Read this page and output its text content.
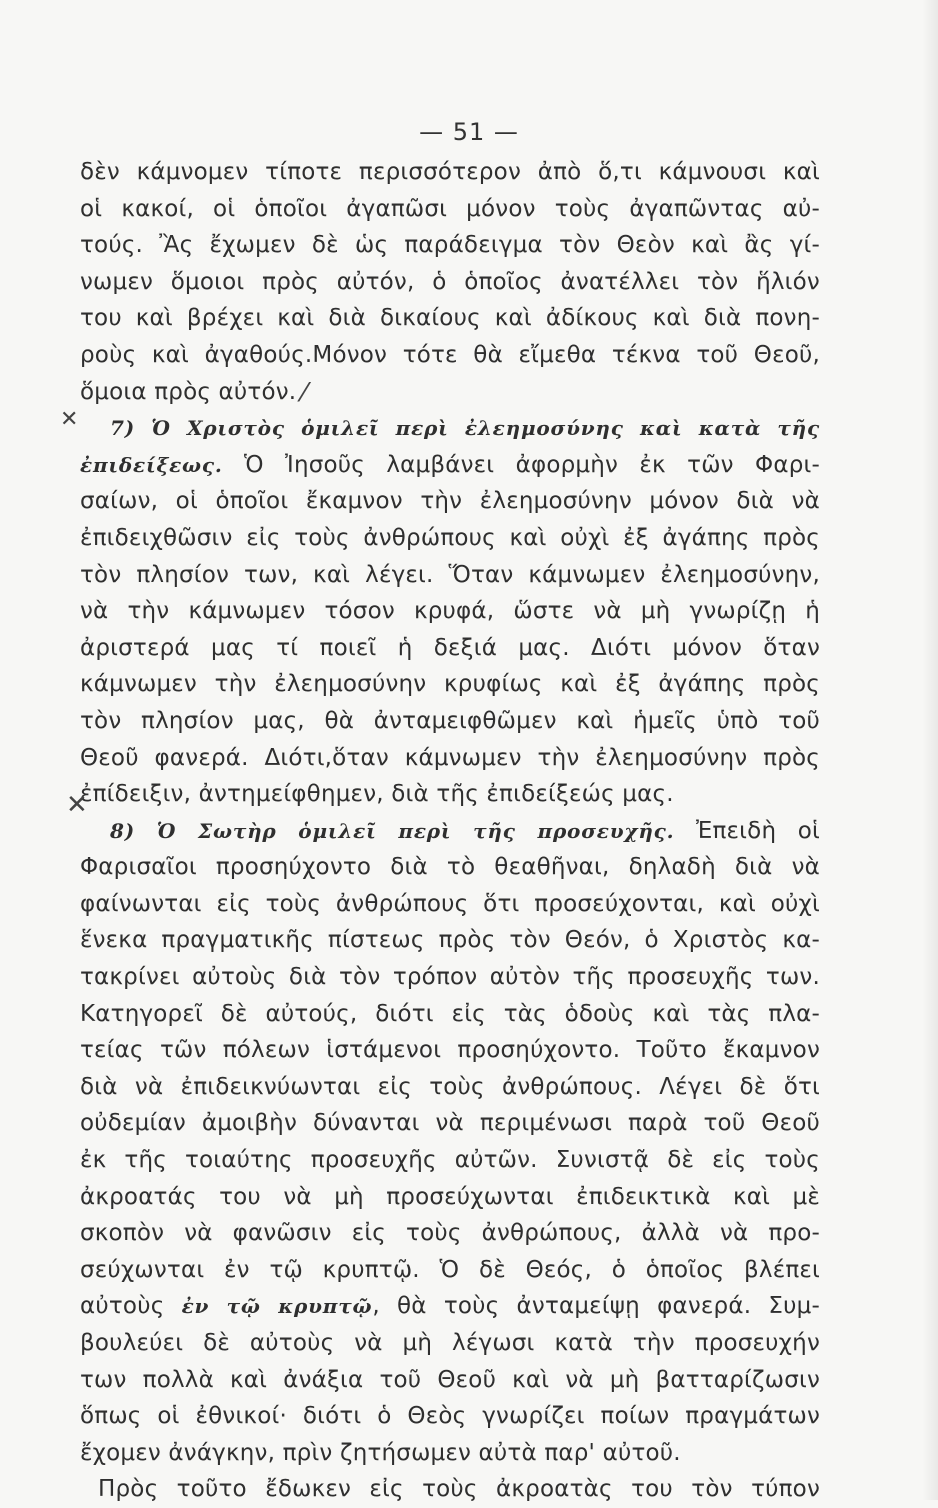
— 51 —
δὲν κάμνομεν τίποτε περισσότερον ἀπὸ ὅ,τι κάμνουσι καὶ
οἱ κακοί, οἱ ὁποῖοι ἀγαπῶσι μόνον τοὺς ἀγαπῶντας αὐ-
τούς. Ἂς ἔχωμεν δὲ ὡς παράδειγμα τὸν Θεὸν καὶ ἂς γί-
νωμεν ὅμοιοι πρὸς αὐτόν, ὁ ὁποῖος ἀνατέλλει τὸν ἥλιόν
του καὶ βρέχει καὶ διὰ δικαίους καὶ ἀδίκους καὶ διὰ πονη-
ροὺς καὶ ἀγαθούς.Μόνον τότε θὰ εἴμεθα τέκνα τοῦ Θεοῦ,
ὅμοια πρὸς αὐτόν.
7) Ὁ Χριστὸς ὁμιλεῖ περὶ ἐλεημοσύνης καὶ κατὰ τῆς
ἐπιδείξεως. Ὁ Ἰησοῦς λαμβάνει ἀφορμὴν ἐκ τῶν Φαρι-
σαίων, οἱ ὁποῖοι ἔκαμνον τὴν ἐλεημοσύνην μόνον διὰ νὰ
ἐπιδειχθῶσιν εἰς τοὺς ἀνθρώπους καὶ οὐχὶ ἐξ ἀγάπης πρὸς
τὸν πλησίον των, καὶ λέγει. Ὅταν κάμνωμεν ἐλεημοσύνην,
νὰ τὴν κάμνωμεν τόσον κρυφά, ὥστε νὰ μὴ γνωρίζῃ ἡ
ἀριστερά μας τί ποιεῖ ἡ δεξιά μας. Διότι μόνον ὅταν
κάμνωμεν τὴν ἐλεημοσύνην κρυφίως καὶ ἐξ ἀγάπης πρὸς
τὸν πλησίον μας, θὰ ἀνταμειφθῶμεν καὶ ἡμεῖς ὑπὸ τοῦ
Θεοῦ φανερά. Διότι,ὅταν κάμνωμεν τὴν ἐλεημοσύνην πρὸς
ἐπίδειξιν, ἀντημείφθημεν, διὰ τῆς ἐπιδείξεώς μας.
8) Ὁ Σωτὴρ ὁμιλεῖ περὶ τῆς προσευχῆς. Ἐπειδὴ οἱ
Φαρισαῖοι προσηύχοντο διὰ τὸ θεαθῆναι, δηλαδὴ διὰ νὰ
φαίνωνται εἰς τοὺς ἀνθρώπους ὅτι προσεύχονται, καὶ οὐχὶ
ἕνεκα πραγματικῆς πίστεως πρὸς τὸν Θεόν, ὁ Χριστὸς κα-
τακρίνει αὐτοὺς διὰ τὸν τρόπον αὐτὸν τῆς προσευχῆς των.
Κατηγορεῖ δὲ αὐτούς, διότι εἰς τὰς ὁδοὺς καὶ τὰς πλα-
τείας τῶν πόλεων ἱστάμενοι προσηύχοντο. Τοῦτο ἔκαμνον
διὰ νὰ ἐπιδεικνύωνται εἰς τοὺς ἀνθρώπους. Λέγει δὲ ὅτι
οὐδεμίαν ἀμοιβὴν δύνανται νὰ περιμένωσι παρὰ τοῦ Θεοῦ
ἐκ τῆς τοιαύτης προσευχῆς αὐτῶν. Συνιστᾷ δὲ εἰς τοὺς
ἀκροατάς του νὰ μὴ προσεύχωνται ἐπιδεικτικὰ καὶ μὲ
σκοπὸν νὰ φανῶσιν εἰς τοὺς ἀνθρώπους, ἀλλὰ νὰ προ-
σεύχωνται ἐν τῷ κρυπτῷ. Ὁ δὲ Θεός, ὁ ὁποῖος βλέπει
αὐτοὺς ἐν τῷ κρυπτῷ, θὰ τοὺς ἀνταμείψῃ φανερά. Συμ-
βουλεύει δὲ αὐτοὺς νὰ μὴ λέγωσι κατὰ τὴν προσευχήν
των πολλὰ καὶ ἀνάξια τοῦ Θεοῦ καὶ νὰ μὴ βατταρίζωσιν
ὅπως οἱ ἐθνικοί· διότι ὁ Θεὸς γνωρίζει ποίων πραγμάτων
ἔχομεν ἀνάγκην, πρὶν ζητήσωμεν αὐτὰ παρ' αὐτοῦ.
Πρὸς τοῦτο ἔδωκεν εἰς τοὺς ἀκροατὰς του τὸν τύπον
✕
✕
⁄
